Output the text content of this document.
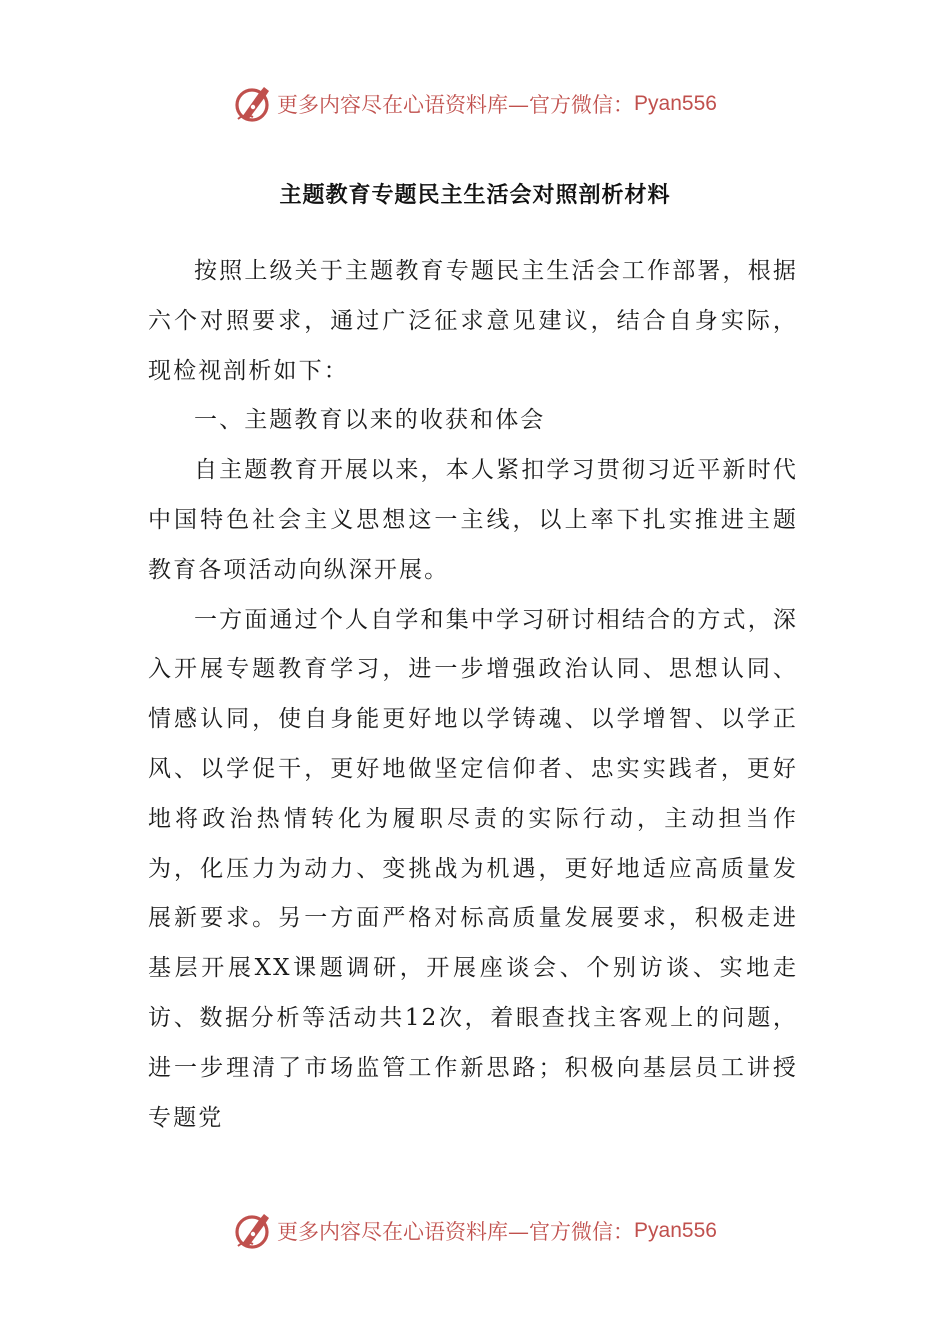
更多内容尽在心语资料库—官方微信： Pyan556
主题教育专题民主生活会对照剖析材料

按照上级关于主题教育专题民主生活会工作部署，根据六个对照要求，通过广泛征求意见建议，结合自身实际，现检视剖析如下：

一、主题教育以来的收获和体会

自主题教育开展以来，本人紧扣学习贯彻习近平新时代中国特色社会主义思想这一主线，以上率下扎实推进主题教育各项活动向纵深开展。

一方面通过个人自学和集中学习研讨相结合的方式，深入开展专题教育学习，进一步增强政治认同、思想认同、情感认同，使自身能更好地以学铸魂、以学增智、以学正风、以学促干，更好地做坚定信仰者、忠实实践者，更好地将政治热情转化为履职尽责的实际行动，主动担当作为，化压力为动力、变挑战为机遇，更好地适应高质量发展新要求。另一方面严格对标高质量发展要求，积极走进基层开展XX课题调研，开展座谈会、个别访谈、实地走访、数据分析等活动共12次，着眼查找主客观上的问题，进一步理清了市场监管工作新思路；积极向基层员工讲授专题党

更多内容尽在心语资料库—官方微信： Pyan556
